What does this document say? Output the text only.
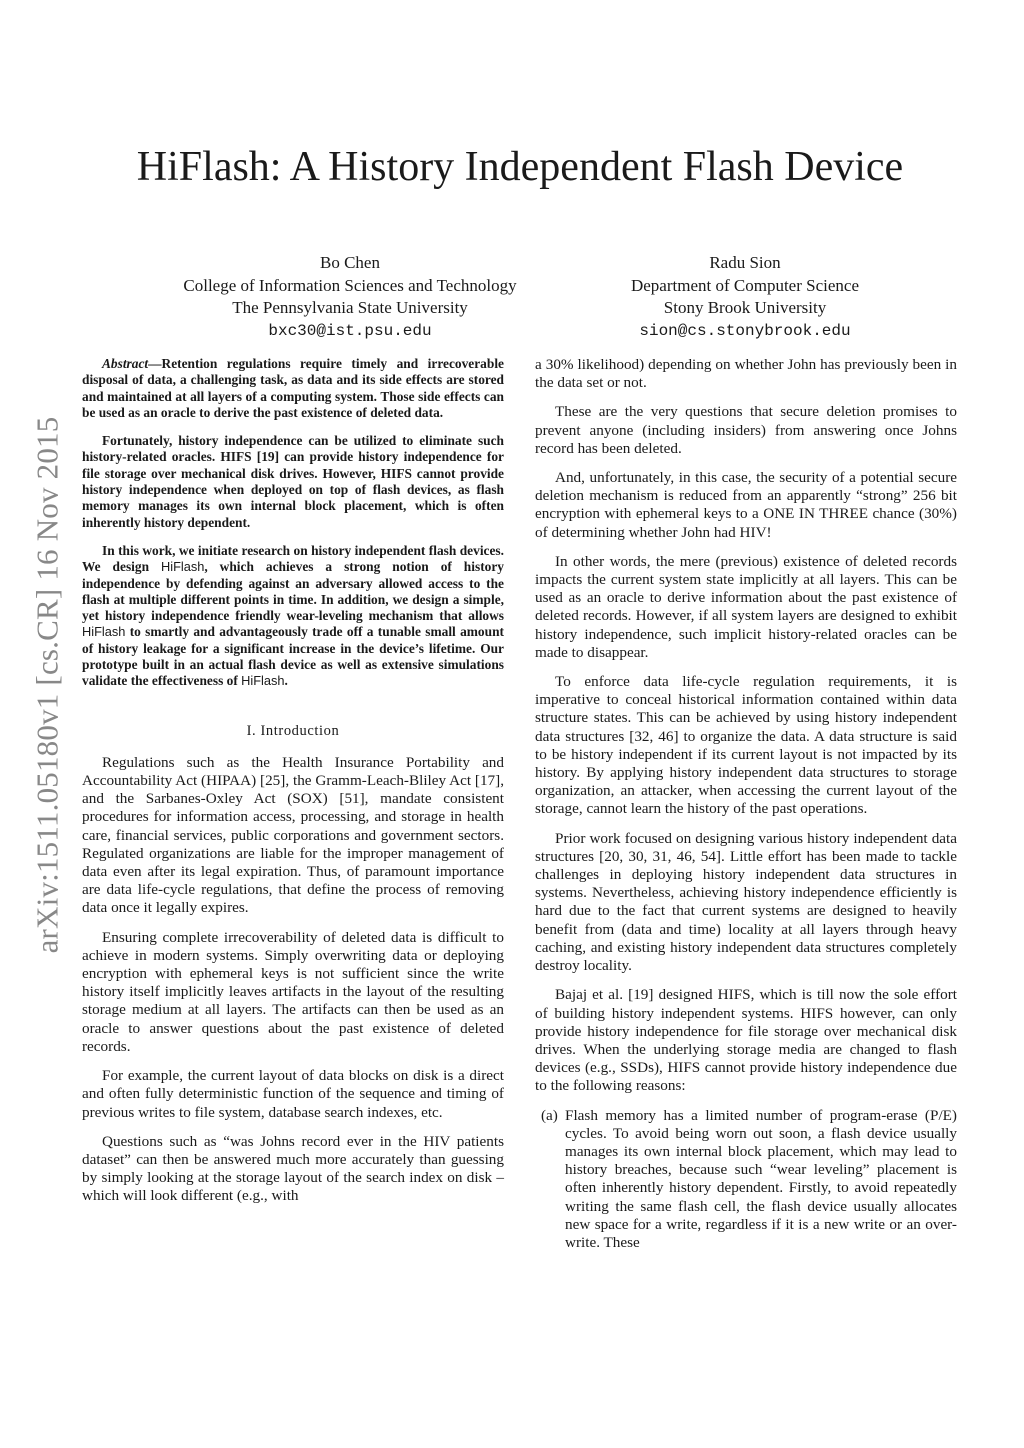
arXiv:1511.05180v1 [cs.CR] 16 Nov 2015
HiFlash: A History Independent Flash Device
Bo Chen
College of Information Sciences and Technology
The Pennsylvania State University
bxc30@ist.psu.edu
Radu Sion
Department of Computer Science
Stony Brook University
sion@cs.stonybrook.edu

Abstract—Retention regulations require timely and irrecoverable disposal of data, a challenging task, as data and its side effects are stored and maintained at all layers of a computing system. Those side effects can be used as an oracle to derive the past existence of deleted data.

Fortunately, history independence can be utilized to eliminate such history-related oracles. HIFS [19] can provide history independence for file storage over mechanical disk drives. However, HIFS cannot provide history independence when deployed on top of flash devices, as flash memory manages its own internal block placement, which is often inherently history dependent.

In this work, we initiate research on history independent flash devices. We design HiFlash, which achieves a strong notion of history independence by defending against an adversary allowed access to the flash at multiple different points in time. In addition, we design a simple, yet history independence friendly wear-leveling mechanism that allows HiFlash to smartly and advantageously trade off a tunable small amount of history leakage for a significant increase in the device’s lifetime. Our prototype built in an actual flash device as well as extensive simulations validate the effectiveness of HiFlash.

I. Introduction

Regulations such as the Health Insurance Portability and Accountability Act (HIPAA) [25], the Gramm-Leach-Bliley Act [17], and the Sarbanes-Oxley Act (SOX) [51], mandate consistent procedures for information access, processing, and storage in health care, financial services, public corporations and government sectors. Regulated organizations are liable for the improper management of data even after its legal expiration. Thus, of paramount importance are data life-cycle regulations, that define the process of removing data once it legally expires.

Ensuring complete irrecoverability of deleted data is difficult to achieve in modern systems. Simply overwriting data or deploying encryption with ephemeral keys is not sufficient since the write history itself implicitly leaves artifacts in the layout of the resulting storage medium at all layers. The artifacts can then be used as an oracle to answer questions about the past existence of deleted records.

For example, the current layout of data blocks on disk is a direct and often fully deterministic function of the sequence and timing of previous writes to file system, database search indexes, etc.

Questions such as “was Johns record ever in the HIV patients dataset” can then be answered much more accurately than guessing by simply looking at the storage layout of the search index on disk – which will look different (e.g., with

a 30% likelihood) depending on whether John has previously been in the data set or not.

These are the very questions that secure deletion promises to prevent anyone (including insiders) from answering once Johns record has been deleted.

And, unfortunately, in this case, the security of a potential secure deletion mechanism is reduced from an apparently “strong” 256 bit encryption with ephemeral keys to a ONE IN THREE chance (30%) of determining whether John had HIV!

In other words, the mere (previous) existence of deleted records impacts the current system state implicitly at all layers. This can be used as an oracle to derive information about the past existence of deleted records. However, if all system layers are designed to exhibit history independence, such implicit history-related oracles can be made to disappear.

To enforce data life-cycle regulation requirements, it is imperative to conceal historical information contained within data structure states. This can be achieved by using history independent data structures [32, 46] to organize the data. A data structure is said to be history independent if its current layout is not impacted by its history. By applying history independent data structures to storage organization, an attacker, when accessing the current layout of the storage, cannot learn the history of the past operations.

Prior work focused on designing various history independent data structures [20, 30, 31, 46, 54]. Little effort has been made to tackle challenges in deploying history independent data structures in systems. Nevertheless, achieving history independence efficiently is hard due to the fact that current systems are designed to heavily benefit from (data and time) locality at all layers through heavy caching, and existing history independent data structures completely destroy locality.

Bajaj et al. [19] designed HIFS, which is till now the sole effort of building history independent systems. HIFS however, can only provide history independence for file storage over mechanical disk drives. When the underlying storage media are changed to flash devices (e.g., SSDs), HIFS cannot provide history independence due to the following reasons:

(a) Flash memory has a limited number of program-erase (P/E) cycles. To avoid being worn out soon, a flash device usually manages its own internal block placement, which may lead to history breaches, because such “wear leveling” placement is often inherently history dependent. Firstly, to avoid repeatedly writing the same flash cell, the flash device usually allocates new space for a write, regardless if it is a new write or an over-write. These
